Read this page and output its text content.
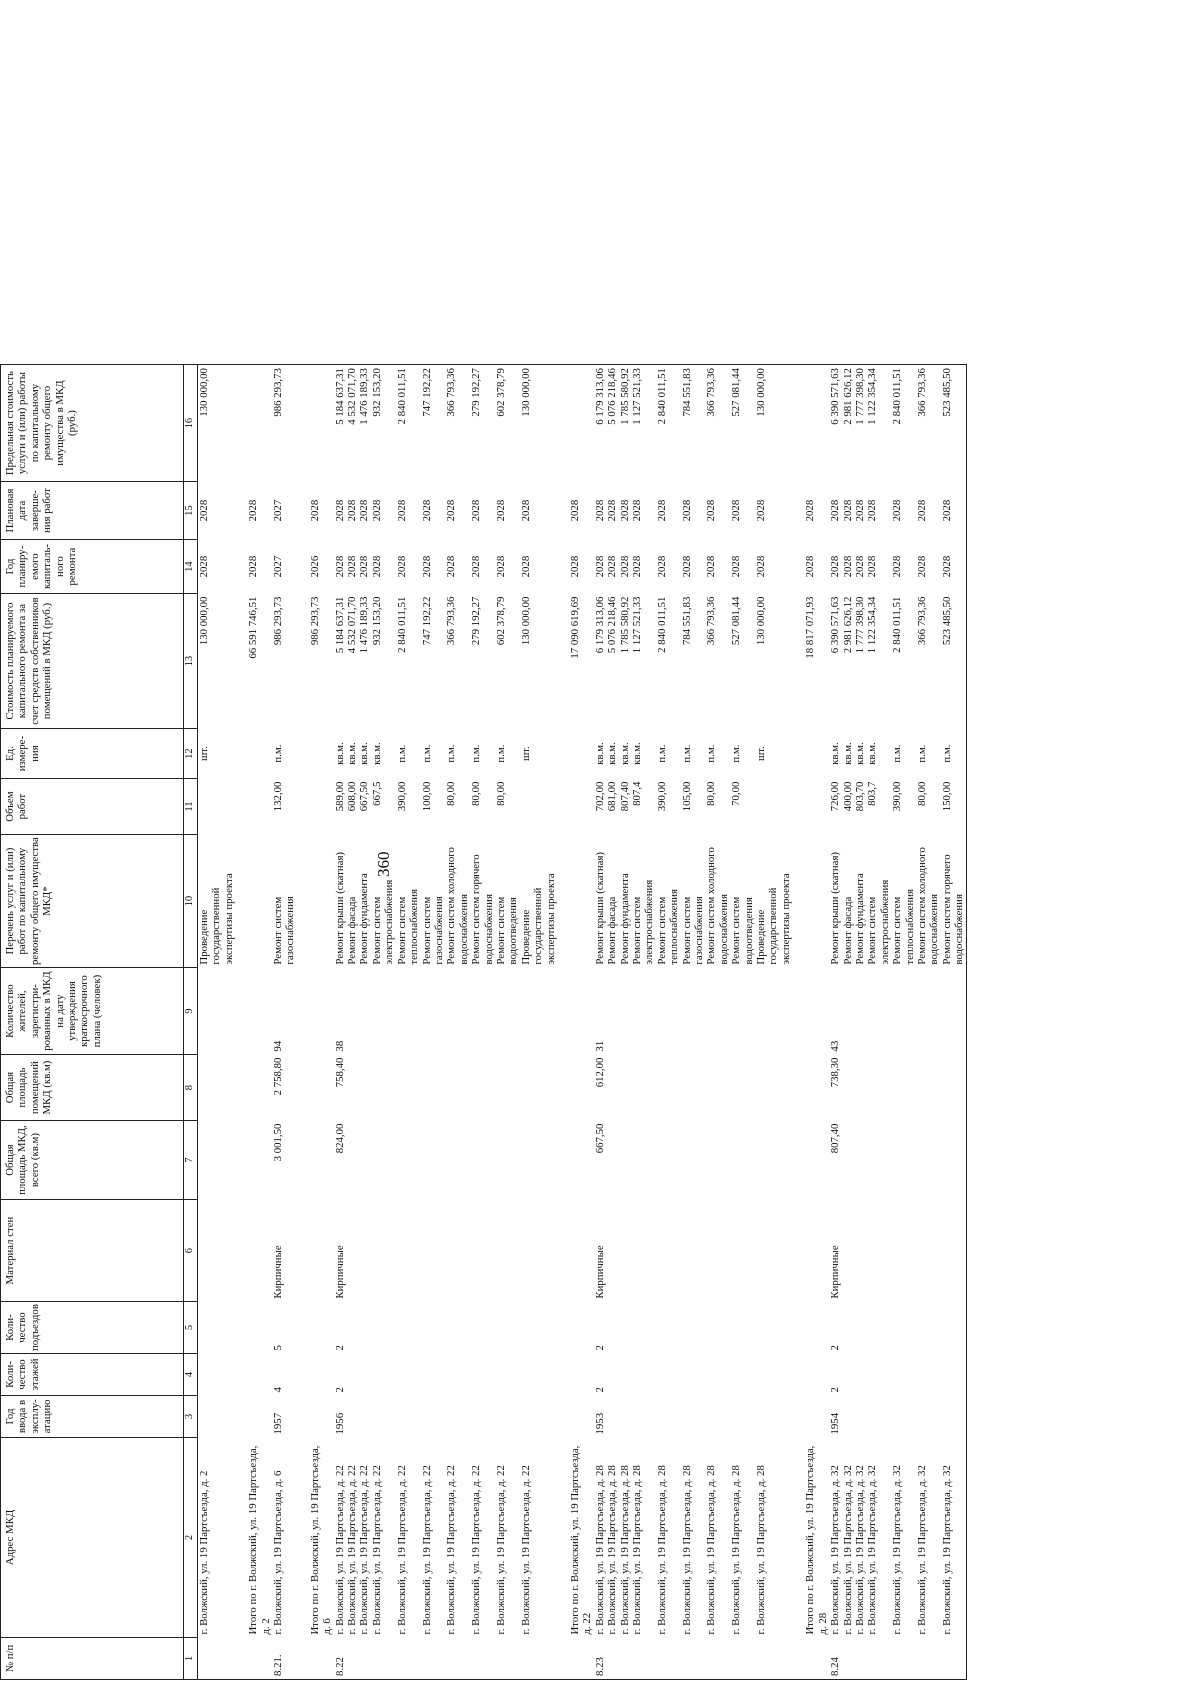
360
№ п/п	Адрес МКД	Год ввода в эксплу-атацию	Коли-чество этажей	Коли-чество подъездов	Материал стен	Общая площадь МКД, всего (кв.м)	Общая площадь помещений МКД (кв.м)	Количество жителей, зарегистри-рованных в МКД на дату утверждения краткосрочного плана (человек)	Перечень услуг и (или) работ по капитальному ремонту общего имущества МКД*	Объем работ	Ед. измере-ния	Стоимость планируемого капитального ремонта за счет средств собственников помещений в МКД (руб.)	Год планиру-емого капиталь-ного ремонта	Плановая дата заверше-ния работ	Предельная стоимость услуги и (или) работы по капитальному ремонту общего имущества в МКД (руб.)
1	2	3	4	5	6	7	8	9	10	11	12	13	14	15	16
	г. Волжский, ул. 19 Партсъезда, д. 2								Проведение государственной экспертизы проекта		шт.	130 000,00	2028	2028	130 000,00

	Итого по г. Волжский, ул. 19 Партсъезда, д. 2											66 591 746,51	2028	2028	
8.21.	г. Волжский, ул. 19 Партсъезда, д. 6	1957	4	5	Кирпичные	3 001,50	2 758,80	94	Ремонт систем газоснабжения	132,00	п.м.	986 293,73	2027	2027	986 293,73

	Итого по г. Волжский, ул. 19 Партсъезда, д. 6											986 293,73	2026	2028	
8.22	г. Волжский, ул. 19 Партсъезда, д. 22	1956	2	2	Кирпичные	824,00	758,40	38	Ремонт крыши (скатная)	589,00	кв.м.	5 184 637,31	2028	2028	5 184 637,31
	г. Волжский, ул. 19 Партсъезда, д. 22								Ремонт фасада	608,00	кв.м.	4 532 071,70	2028	2028	4 532 071,70
	г. Волжский, ул. 19 Партсъезда, д. 22								Ремонт фундамента	667,50	кв.м.	1 476 189,33	2028	2028	1 476 189,33
	г. Волжский, ул. 19 Партсъезда, д. 22								Ремонт систем электроснабжения	667,5	кв.м.	932 153,20	2028	2028	932 153,20
	г. Волжский, ул. 19 Партсъезда, д. 22								Ремонт систем теплоснабжения	390,00	п.м.	2 840 011,51	2028	2028	2 840 011,51
	г. Волжский, ул. 19 Партсъезда, д. 22								Ремонт систем газоснабжения	100,00	п.м.	747 192,22	2028	2028	747 192,22
	г. Волжский, ул. 19 Партсъезда, д. 22								Ремонт систем холодного водоснабжения	80,00	п.м.	366 793,36	2028	2028	366 793,36
	г. Волжский, ул. 19 Партсъезда, д. 22								Ремонт систем горячего водоснабжения	80,00	п.м.	279 192,27	2028	2028	279 192,27
	г. Волжский, ул. 19 Партсъезда, д. 22								Ремонт систем водоотведения	80,00	п.м.	602 378,79	2028	2028	602 378,79
	г. Волжский, ул. 19 Партсъезда, д. 22								Проведение государственной экспертизы проекта		шт.	130 000,00	2028	2028	130 000,00

	Итого по г. Волжский, ул. 19 Партсъезда, д. 22											17 090 619,69	2028	2028	
8.23	г. Волжский, ул. 19 Партсъезда, д. 28	1953	2	2	Кирпичные	667,50	612,00	31	Ремонт крыши (скатная)	702,00	кв.м.	6 179 313,06	2028	2028	6 179 313,06
	г. Волжский, ул. 19 Партсъезда, д. 28								Ремонт фасада	681,00	кв.м.	5 076 218,46	2028	2028	5 076 218,46
	г. Волжский, ул. 19 Партсъезда, д. 28								Ремонт фундамента	807,40	кв.м.	1 785 580,92	2028	2028	1 785 580,92
	г. Волжский, ул. 19 Партсъезда, д. 28								Ремонт систем электроснабжения	807,4	кв.м.	1 127 521,33	2028	2028	1 127 521,33
	г. Волжский, ул. 19 Партсъезда, д. 28								Ремонт систем теплоснабжения	390,00	п.м.	2 840 011,51	2028	2028	2 840 011,51
	г. Волжский, ул. 19 Партсъезда, д. 28								Ремонт систем газоснабжения	105,00	п.м.	784 551,83	2028	2028	784 551,83
	г. Волжский, ул. 19 Партсъезда, д. 28								Ремонт систем холодного водоснабжения	80,00	п.м.	366 793,36	2028	2028	366 793,36
	г. Волжский, ул. 19 Партсъезда, д. 28								Ремонт систем водоотведения	70,00	п.м.	527 081,44	2028	2028	527 081,44
	г. Волжский, ул. 19 Партсъезда, д. 28								Проведение государственной экспертизы проекта		шт.	130 000,00	2028	2028	130 000,00

	Итого по г. Волжский, ул. 19 Партсъезда, д. 28											18 817 071,93	2028	2028	
8.24	г. Волжский, ул. 19 Партсъезда, д. 32	1954	2	2	Кирпичные	807,40	738,30	43	Ремонт крыши (скатная)	726,00	кв.м.	6 390 571,63	2028	2028	6 390 571,63
	г. Волжский, ул. 19 Партсъезда, д. 32								Ремонт фасада	400,00	кв.м.	2 981 626,12	2028	2028	2 981 626,12
	г. Волжский, ул. 19 Партсъезда, д. 32								Ремонт фундамента	803,70	кв.м.	1 777 398,30	2028	2028	1 777 398,30
	г. Волжский, ул. 19 Партсъезда, д. 32								Ремонт систем электроснабжения	803,7	кв.м.	1 122 354,34	2028	2028	1 122 354,34
	г. Волжский, ул. 19 Партсъезда, д. 32								Ремонт систем теплоснабжения	390,00	п.м.	2 840 011,51	2028	2028	2 840 011,51
	г. Волжский, ул. 19 Партсъезда, д. 32								Ремонт систем холодного водоснабжения	80,00	п.м.	366 793,36	2028	2028	366 793,36
	г. Волжский, ул. 19 Партсъезда, д. 32								Ремонт систем горячего водоснабжения	150,00	п.м.	523 485,50	2028	2028	523 485,50
